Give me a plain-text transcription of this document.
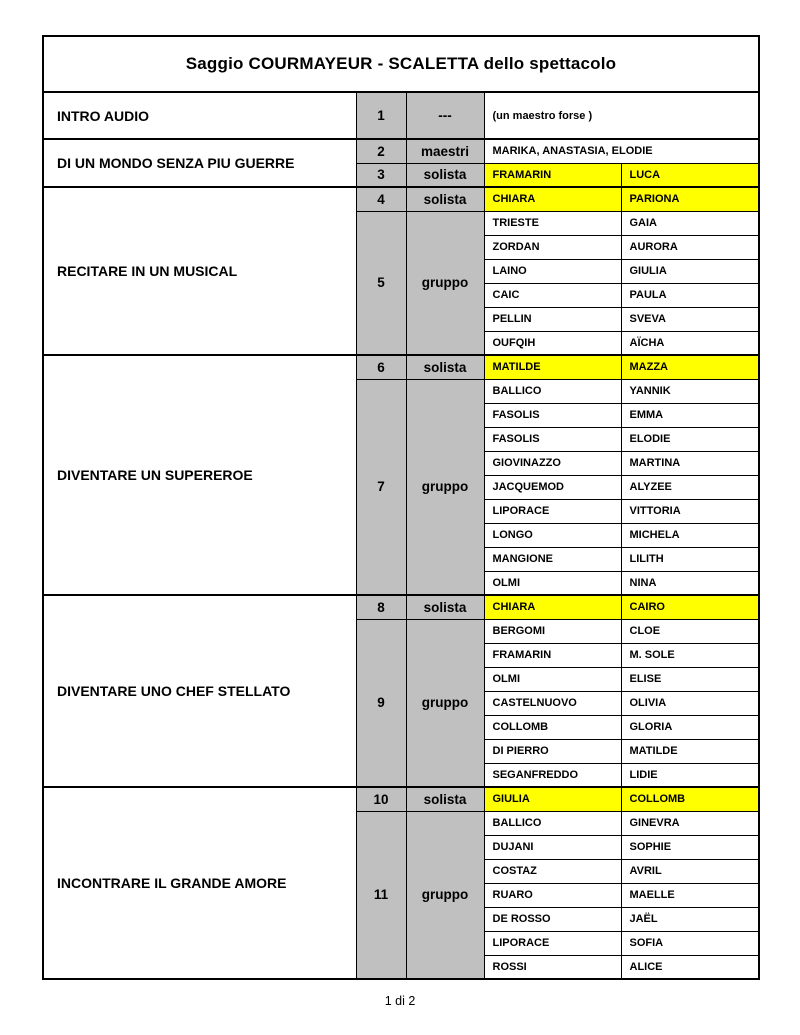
Saggio COURMAYEUR - SCALETTA dello spettacolo				
INTRO AUDIO	1	---	(un maestro forse )	
DI UN MONDO SENZA PIU GUERRE	2	maestri	MARIKA, ANASTASIA, ELODIE	
	3	solista	FRAMARIN	LUCA
RECITARE IN UN MUSICAL	4	solista	CHIARA	PARIONA
	5	gruppo	TRIESTE	GAIA
			ZORDAN	AURORA
			LAINO	GIULIA
			CAIC	PAULA
			PELLIN	SVEVA
			OUFQIH	AÏCHA
DIVENTARE UN SUPEREROE	6	solista	MATILDE	MAZZA
	7	gruppo	BALLICO	YANNIK
			FASOLIS	EMMA
			FASOLIS	ELODIE
			GIOVINAZZO	MARTINA
			JACQUEMOD	ALYZEE
			LIPORACE	VITTORIA
			LONGO	MICHELA
			MANGIONE	LILITH
			OLMI	NINA
DIVENTARE UNO CHEF STELLATO	8	solista	CHIARA	CAIRO
	9	gruppo	BERGOMI	CLOE
			FRAMARIN	M. SOLE
			OLMI	ELISE
			CASTELNUOVO	OLIVIA
			COLLOMB	GLORIA
			DI PIERRO	MATILDE
			SEGANFREDDO	LIDIE
INCONTRARE IL GRANDE AMORE	10	solista	GIULIA	COLLOMB
	11	gruppo	BALLICO	GINEVRA
			DUJANI	SOPHIE
			COSTAZ	AVRIL
			RUARO	MAELLE
			DE ROSSO	JAËL
			LIPORACE	SOFIA
			ROSSI	ALICE
1 di 2
